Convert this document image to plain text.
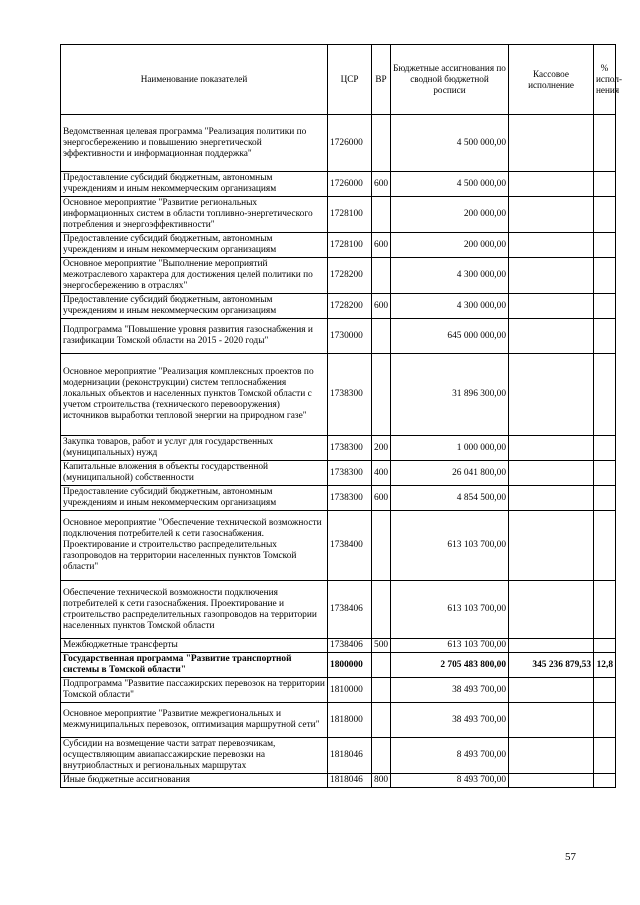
Наименование показателей	ЦСР	ВР	Бюджетные ассигнования по сводной бюджетной росписи	Кассовое исполнение	% испол- нения
Ведомственная целевая программа "Реализация политики по энергосбережению и повышению энергетической эффективности и информационная поддержка"	1726000		4 500 000,00		
Предоставление субсидий бюджетным, автономным учреждениям и иным некоммерческим организациям	1726000	600	4 500 000,00		
Основное мероприятие "Развитие региональных информационных систем в области топливно-энергетического потребления и энергоэффективности"	1728100		200 000,00		
Предоставление субсидий бюджетным, автономным учреждениям и иным некоммерческим организациям	1728100	600	200 000,00		
Основное мероприятие "Выполнение мероприятий межотраслевого характера для достижения целей политики по энергосбережению в отраслях"	1728200		4 300 000,00		
Предоставление субсидий бюджетным, автономным учреждениям и иным некоммерческим организациям	1728200	600	4 300 000,00		
Подпрограмма "Повышение уровня развития газоснабжения и газификации Томской области на 2015 - 2020 годы"	1730000		645 000 000,00		
Основное мероприятие "Реализация комплексных проектов по модернизации (реконструкции) систем теплоснабжения локальных объектов и населенных пунктов Томской области с учетом строительства (технического перевооружения) источников выработки тепловой энергии на природном газе"	1738300		31 896 300,00		
Закупка товаров, работ и услуг для государственных (муниципальных) нужд	1738300	200	1 000 000,00		
Капитальные вложения в объекты государственной (муниципальной) собственности	1738300	400	26 041 800,00		
Предоставление субсидий бюджетным, автономным учреждениям и иным некоммерческим организациям	1738300	600	4 854 500,00		
Основное мероприятие "Обеспечение технической возможности подключения потребителей к сети газоснабжения. Проектирование и строительство распределительных газопроводов на территории населенных пунктов Томской области"	1738400		613 103 700,00		
Обеспечение технической возможности подключения потребителей к сети газоснабжения. Проектирование и строительство распределительных газопроводов на территории населенных пунктов Томской области	1738406		613 103 700,00		
Межбюджетные трансферты	1738406	500	613 103 700,00		
Государственная программа "Развитие транспортной системы в Томской области"	1800000		2 705 483 800,00	345 236 879,53	12,8
Подпрограмма "Развитие пассажирских перевозок на территории Томской области"	1810000		38 493 700,00		
Основное мероприятие "Развитие межрегиональных и межмуниципальных перевозок, оптимизация маршрутной сети"	1818000		38 493 700,00		
Субсидии на возмещение части затрат перевозчикам, осуществляющим авиапассажирские перевозки на внутриобластных и региональных маршрутах	1818046		8 493 700,00		
Иные бюджетные ассигнования	1818046	800	8 493 700,00		
57
